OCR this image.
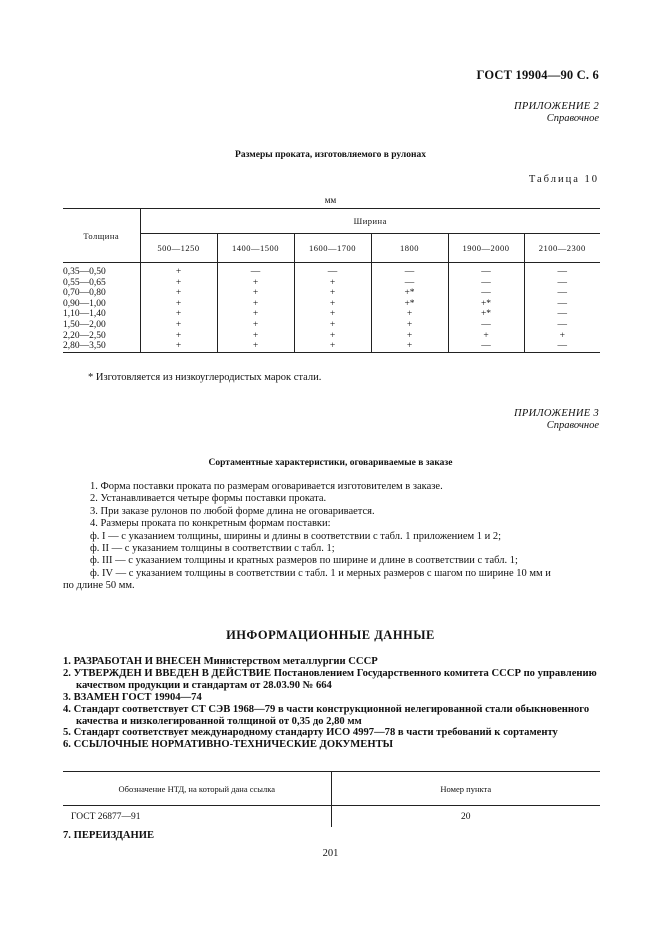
ГОСТ 19904—90 С. 6
ПРИЛОЖЕНИЕ 2
Справочное
Размеры проката, изготовляемого в рулонах
Таблица 10
мм
Толщина	Ширина					
	500—1250	1400—1500	1600—1700	1800	1900—2000	2100—2300
0,35—0,50	+	—	—	—	—	—
0,55—0,65	+	+	+	—	—	—
0,70—0,80	+	+	+	+*	—	—
0,90—1,00	+	+	+	+*	+*	—
1,10—1,40	+	+	+	+	+*	—
1,50—2,00	+	+	+	+	—	—
2,20—2,50	+	+	+	+	+	+
2,80—3,50	+	+	+	+	—	—
* Изготовляется из низкоуглеродистых марок стали.
ПРИЛОЖЕНИЕ 3
Справочное
Сортаментные характеристики, оговариваемые в заказе
1. Форма поставки проката по размерам оговаривается изготовителем в заказе.
2. Устанавливается четыре формы поставки проката.
3. При заказе рулонов по любой форме длина не оговаривается.
4. Размеры проката по конкретным формам поставки:
ф. I — с указанием толщины, ширины и длины в соответствии с табл. 1 приложением 1 и 2;
ф. II — с указанием толщины в соответствии с табл. 1;
ф. III — с указанием толщины и кратных размеров по ширине и длине в соответствии с табл. 1;
ф. IV — с указанием толщины в соответствии с табл. 1 и мерных размеров с шагом по ширине 10 мм и
по длине 50 мм.
ИНФОРМАЦИОННЫЕ ДАННЫЕ
1. РАЗРАБОТАН И ВНЕСЕН Министерством металлургии СССР
2. УТВЕРЖДЕН И ВВЕДЕН В ДЕЙСТВИЕ Постановлением Государственного комитета СССР по управлению качеством продукции и стандартам от 28.03.90 № 664
3. ВЗАМЕН ГОСТ 19904—74
4. Стандарт соответствует СТ СЭВ 1968—79 в части конструкционной нелегированной стали обыкновенного качества и низколегированной толщиной от 0,35 до 2,80 мм
5. Стандарт соответствует международному стандарту ИСО 4997—78 в части требований к сортаменту
6. ССЫЛОЧНЫЕ НОРМАТИВНО-ТЕХНИЧЕСКИЕ ДОКУМЕНТЫ
Обозначение НТД, на который дана ссылка	Номер пункта
ГОСТ 26877—91	20
7. ПЕРЕИЗДАНИЕ
201
